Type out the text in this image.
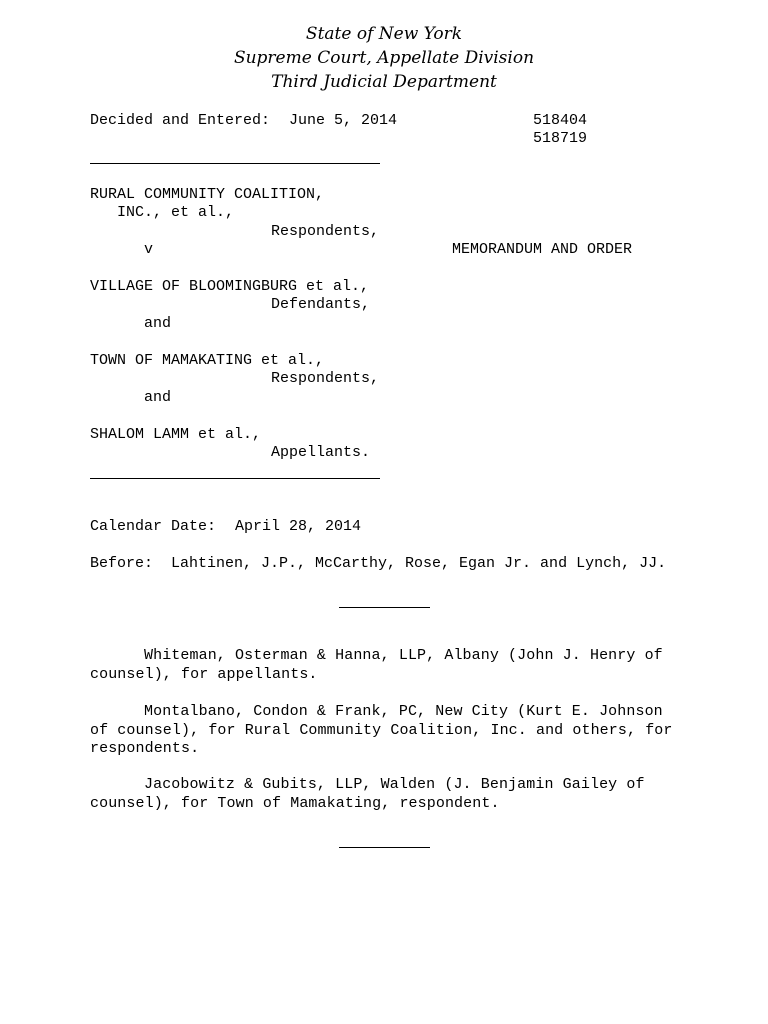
State of New York
Supreme Court, Appellate Division
Third Judicial Department
Decided and Entered: June 5, 2014	518404
518719
RURAL COMMUNITY COALITION,
INC., et al.,
Respondents,
v	MEMORANDUM AND ORDER
VILLAGE OF BLOOMINGBURG et al.,
Defendants,
and
TOWN OF MAMAKATING et al.,
Respondents,
and
SHALOM LAMM et al.,
Appellants.
Calendar Date: April 28, 2014
Before: Lahtinen, J.P., McCarthy, Rose, Egan Jr. and Lynch, JJ.
Whiteman, Osterman & Hanna, LLP, Albany (John J. Henry of counsel), for appellants.
Montalbano, Condon & Frank, PC, New City (Kurt E. Johnson of counsel), for Rural Community Coalition, Inc. and others, for respondents.
Jacobowitz & Gubits, LLP, Walden (J. Benjamin Gailey of counsel), for Town of Mamakating, respondent.
